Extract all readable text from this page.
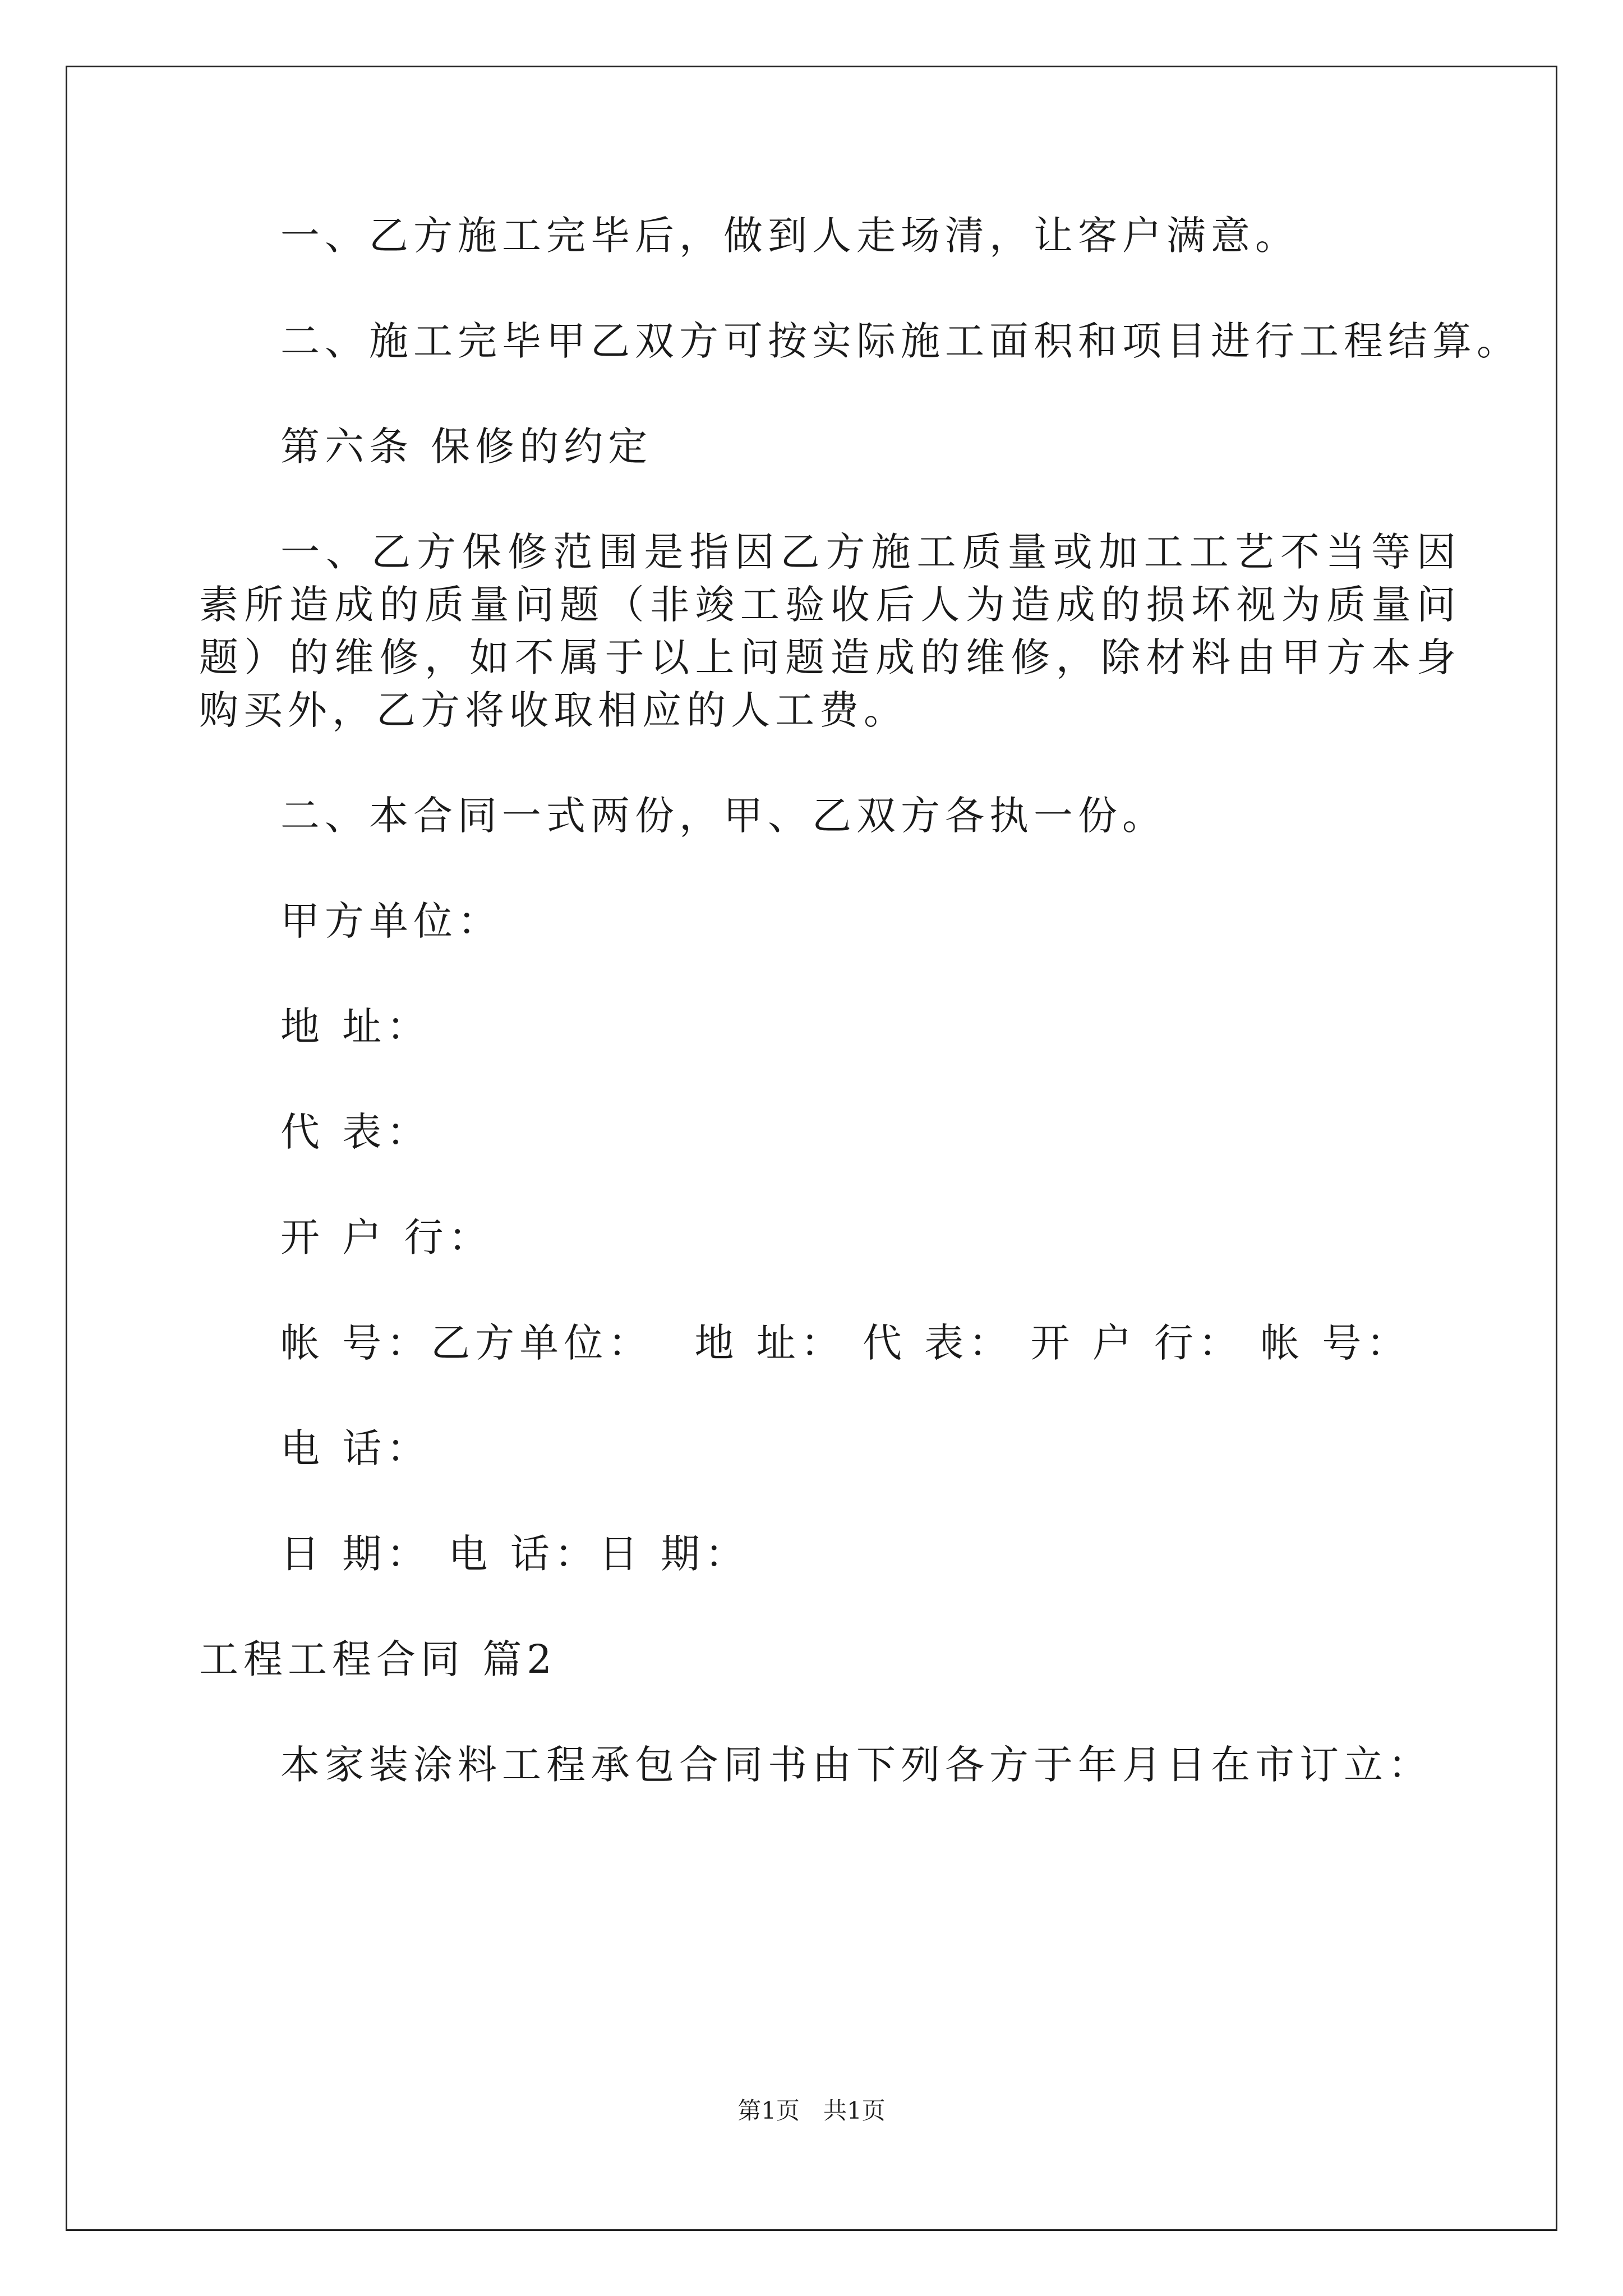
一、乙方施工完毕后，做到人走场清，让客户满意。

二、施工完毕甲乙双方可按实际施工面积和项目进行工程结算。

第六条 保修的约定

一、乙方保修范围是指因乙方施工质量或加工工艺不当等因素所造成的质量问题（非竣工验收后人为造成的损坏视为质量问题）的维修，如不属于以上问题造成的维修，除材料由甲方本身购买外，乙方将收取相应的人工费。

二、本合同一式两份，甲、乙双方各执一份。

甲方单位：

地 址：

代 表：

开 户 行：

帐 号：乙方单位：　 地 址： 代 表： 开 户 行： 帐 号：

电 话：

日 期： 电 话：日 期：

工程工程合同 篇2

本家装涂料工程承包合同书由下列各方于年月日在市订立：

第1页 共1页
